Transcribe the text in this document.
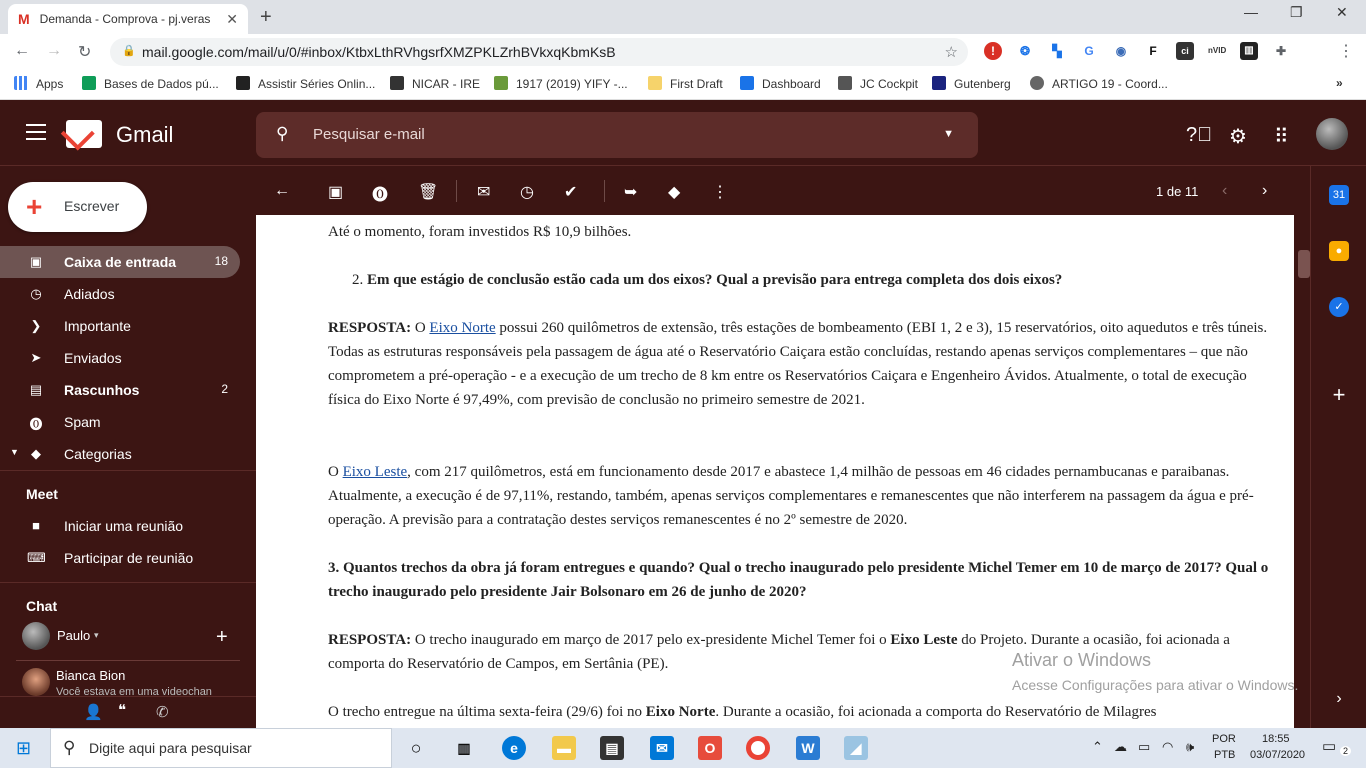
M Demanda - Comprova - pj.veras	✕ +	— ❐ ✕
← → ↻	🔒 mail.google.com/mail/u/0/#inbox/KtbxLthRVhgsrfXMZPKLZrhBVkxqKbmKsB	☆	!	❂	▚	G	◉	F	ci	nVID	▥	✚	⋮
Apps	Bases de Dados pú...	Assistir Séries Onlin...	NICAR - IRE	1917 (2019) YIFY -...	First Draft	Dashboard	JC Cockpit	Gutenberg	ARTIGO 19 - Coord...	»
Gmail	⚲ Pesquisar e-mail	▼	?⃝ ⚙ ⠿
+ Escrever
▣ Caixa de entrada	18
◷ Adiados
❯ Importante
➤ Enviados
▤ Rascunhos	2
⓿ Spam
▼ ◆ Categorias
Meet
■	Iniciar uma reunião
⌨ Participar de reunião
Chat
Paulo ▾	+
Bianca Bion
Você estava em uma videochan
👤 ❝ ✆
← ▣ ⓿ 🗑 ✉ ◷ ✔	➥ ◆ ⋮	1 de 11 ‹ ›
Até o momento, foram investidos R$ 10,9 bilhões.
2. Em que estágio de conclusão estão cada um dos eixos? Qual a previsão para entrega completa dos dois eixos?
RESPOSTA: O Eixo Norte possui 260 quilômetros de extensão, três estações de bombeamento (EBI 1, 2 e 3), 15 reservatórios, oito aquedutos e três túneis. Todas as estruturas responsáveis pela passagem de água até o Reservatório Caiçara estão concluídas, restando apenas serviços complementares – que não comprometem a pré-operação - e a execução de um trecho de 8 km entre os Reservatórios Caiçara e Engenheiro Ávidos. Atualmente, o total de execução física do Eixo Norte é 97,49%, com previsão de conclusão no primeiro semestre de 2021.
O Eixo Leste, com 217 quilômetros, está em funcionamento desde 2017 e abastece 1,4 milhão de pessoas em 46 cidades pernambucanas e paraibanas. Atualmente, a execução é de 97,11%, restando, também, apenas serviços complementares e remanescentes que não interferem na passagem da água e pré-operação. A previsão para a contratação destes serviços remanescentes é no 2º semestre de 2020.
3. Quantos trechos da obra já foram entregues e quando? Qual o trecho inaugurado pelo presidente Michel Temer em 10 de março de 2017? Qual o trecho inaugurado pelo presidente Jair Bolsonaro em 26 de junho de 2020?
RESPOSTA: O trecho inaugurado em março de 2017 pelo ex-presidente Michel Temer foi o Eixo Leste do Projeto. Durante a ocasião, foi acionada a comporta do Reservatório de Campos, em Sertânia (PE).
O trecho entregue na última sexta-feira (29/6) foi no Eixo Norte. Durante a ocasião, foi acionada a comporta do Reservatório de Milagres
31
●
✓
+
›
Ativar o Windows
Acesse Configurações para ativar o Windows.
⊞ ⚲ Digite aqui para pesquisar	○	▥	e	▬	▤	✉	O	W	◢	⌃ ☁ ▭ ◠ 🕪 POR
PTB
18:55
03/07/2020 ▭ 2
